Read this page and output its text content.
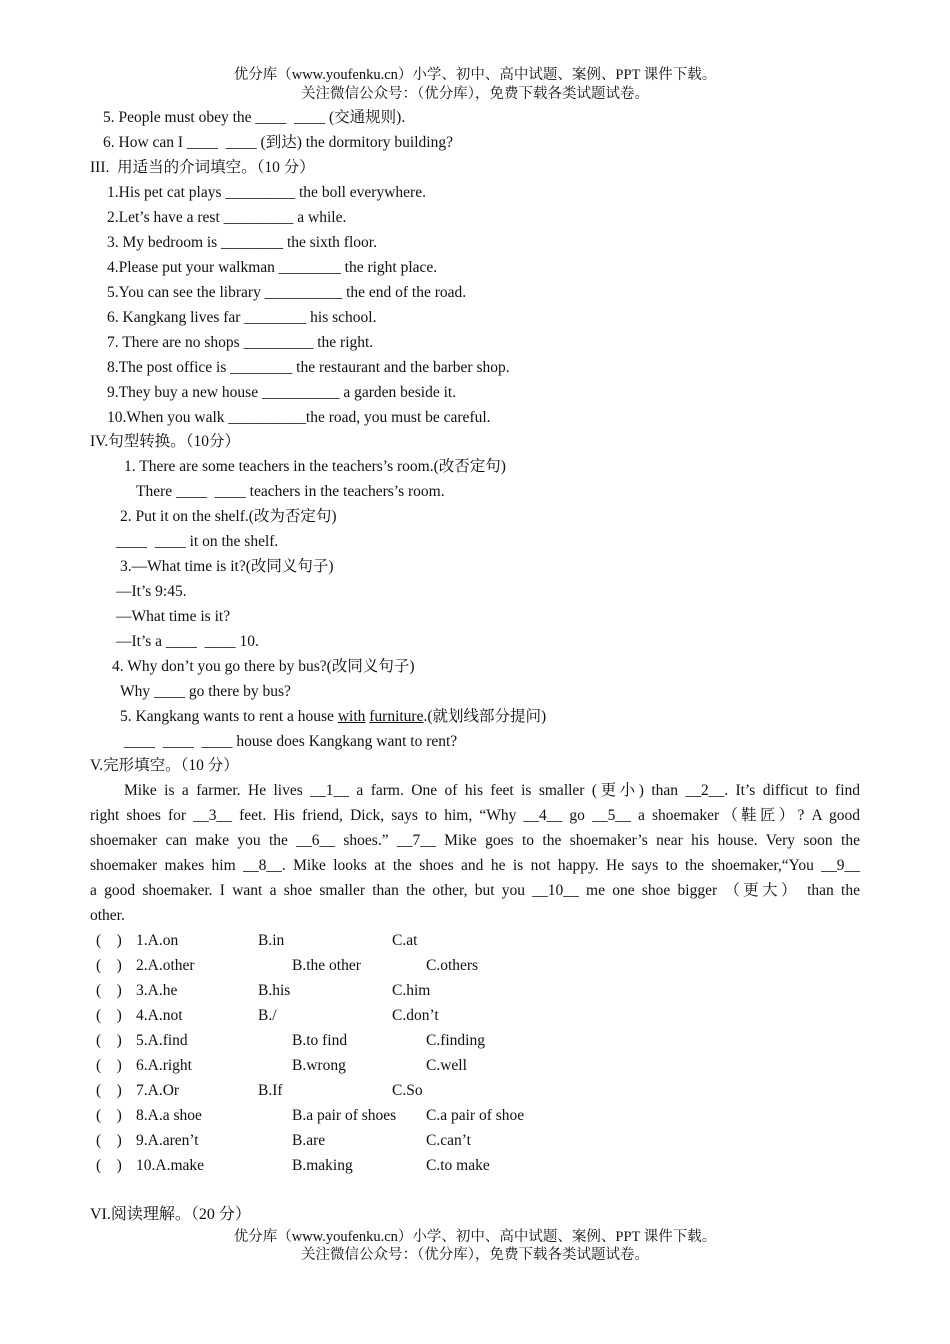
优分库（www.youfenku.cn）小学、初中、高中试题、案例、PPT 课件下载。
关注微信公众号：（优分库），免费下载各类试题试卷。
5. People must obey the ____  ____ (交通规则).
6. How can I ____  ____ (到达) the dormitory building?
III.  用适当的介词填空。（10 分）
1.His pet cat plays _________ the boll everywhere.
2.Let’s have a rest _________ a while.
3. My bedroom is ________ the sixth floor.
4.Please put your walkman ________ the right place.
5.You can see the library __________ the end of the road.
6. Kangkang lives far ________ his school.
7. There are no shops _________ the right.
8.The post office is ________ the restaurant and the barber shop.
9.They buy a new house __________ a garden beside it.
10.When you walk __________the road, you must be careful.
IV.句型转换。（10分）
1. There are some teachers in the teachers’s room.(改否定句)
There ____  ____ teachers in the teachers’s room.
2. Put it on the shelf.(改为否定句)
____  ____ it on the shelf.
3.—What time is it?(改同义句子)
—It’s 9:45.
—What time is it?
—It’s a ____  ____ 10.
4. Why don’t you go there by bus?(改同义句子)
Why ____ go there by bus?
5. Kangkang wants to rent a house with furniture.(就划线部分提问)
____  ____  ____ house does Kangkang want to rent?
V.完形填空。（10 分）
Mike is a farmer. He lives __1__ a farm. One of his feet is smaller (更小) than __2__. It’s difficut to find
right shoes for __3__ feet. His friend, Dick, says to him, “Why __4__ go __5__ a shoemaker（鞋匠）? A good
shoemaker can make you the __6__ shoes.” __7__ Mike goes to the shoemaker’s near his house. Very soon the
shoemaker makes him __8__. Mike looks at the shoes and he is not happy. He says to the shoemaker,“You __9__
a good shoemaker. I want a shoe smaller than the other, but you __10__ me one shoe bigger （更大） than the
other.
(    ) 1.A.on	B.in	C.at
(    ) 2.A.other	B.the other	C.others
(    ) 3.A.he	B.his	C.him
(    ) 4.A.not	B./	C.don’t
(    ) 5.A.find	B.to find	C.finding
(    ) 6.A.right	B.wrong	C.well
(    ) 7.A.Or	B.If	C.So
(    ) 8.A.a shoe	B.a pair of shoes C.a pair of shoe
(    ) 9.A.aren’t	B.are	C.can’t
(    ) 10.A.make	B.making	C.to make
VI.阅读理解。（20 分）
优分库（www.youfenku.cn）小学、初中、高中试题、案例、PPT 课件下载。
关注微信公众号：（优分库），免费下载各类试题试卷。
